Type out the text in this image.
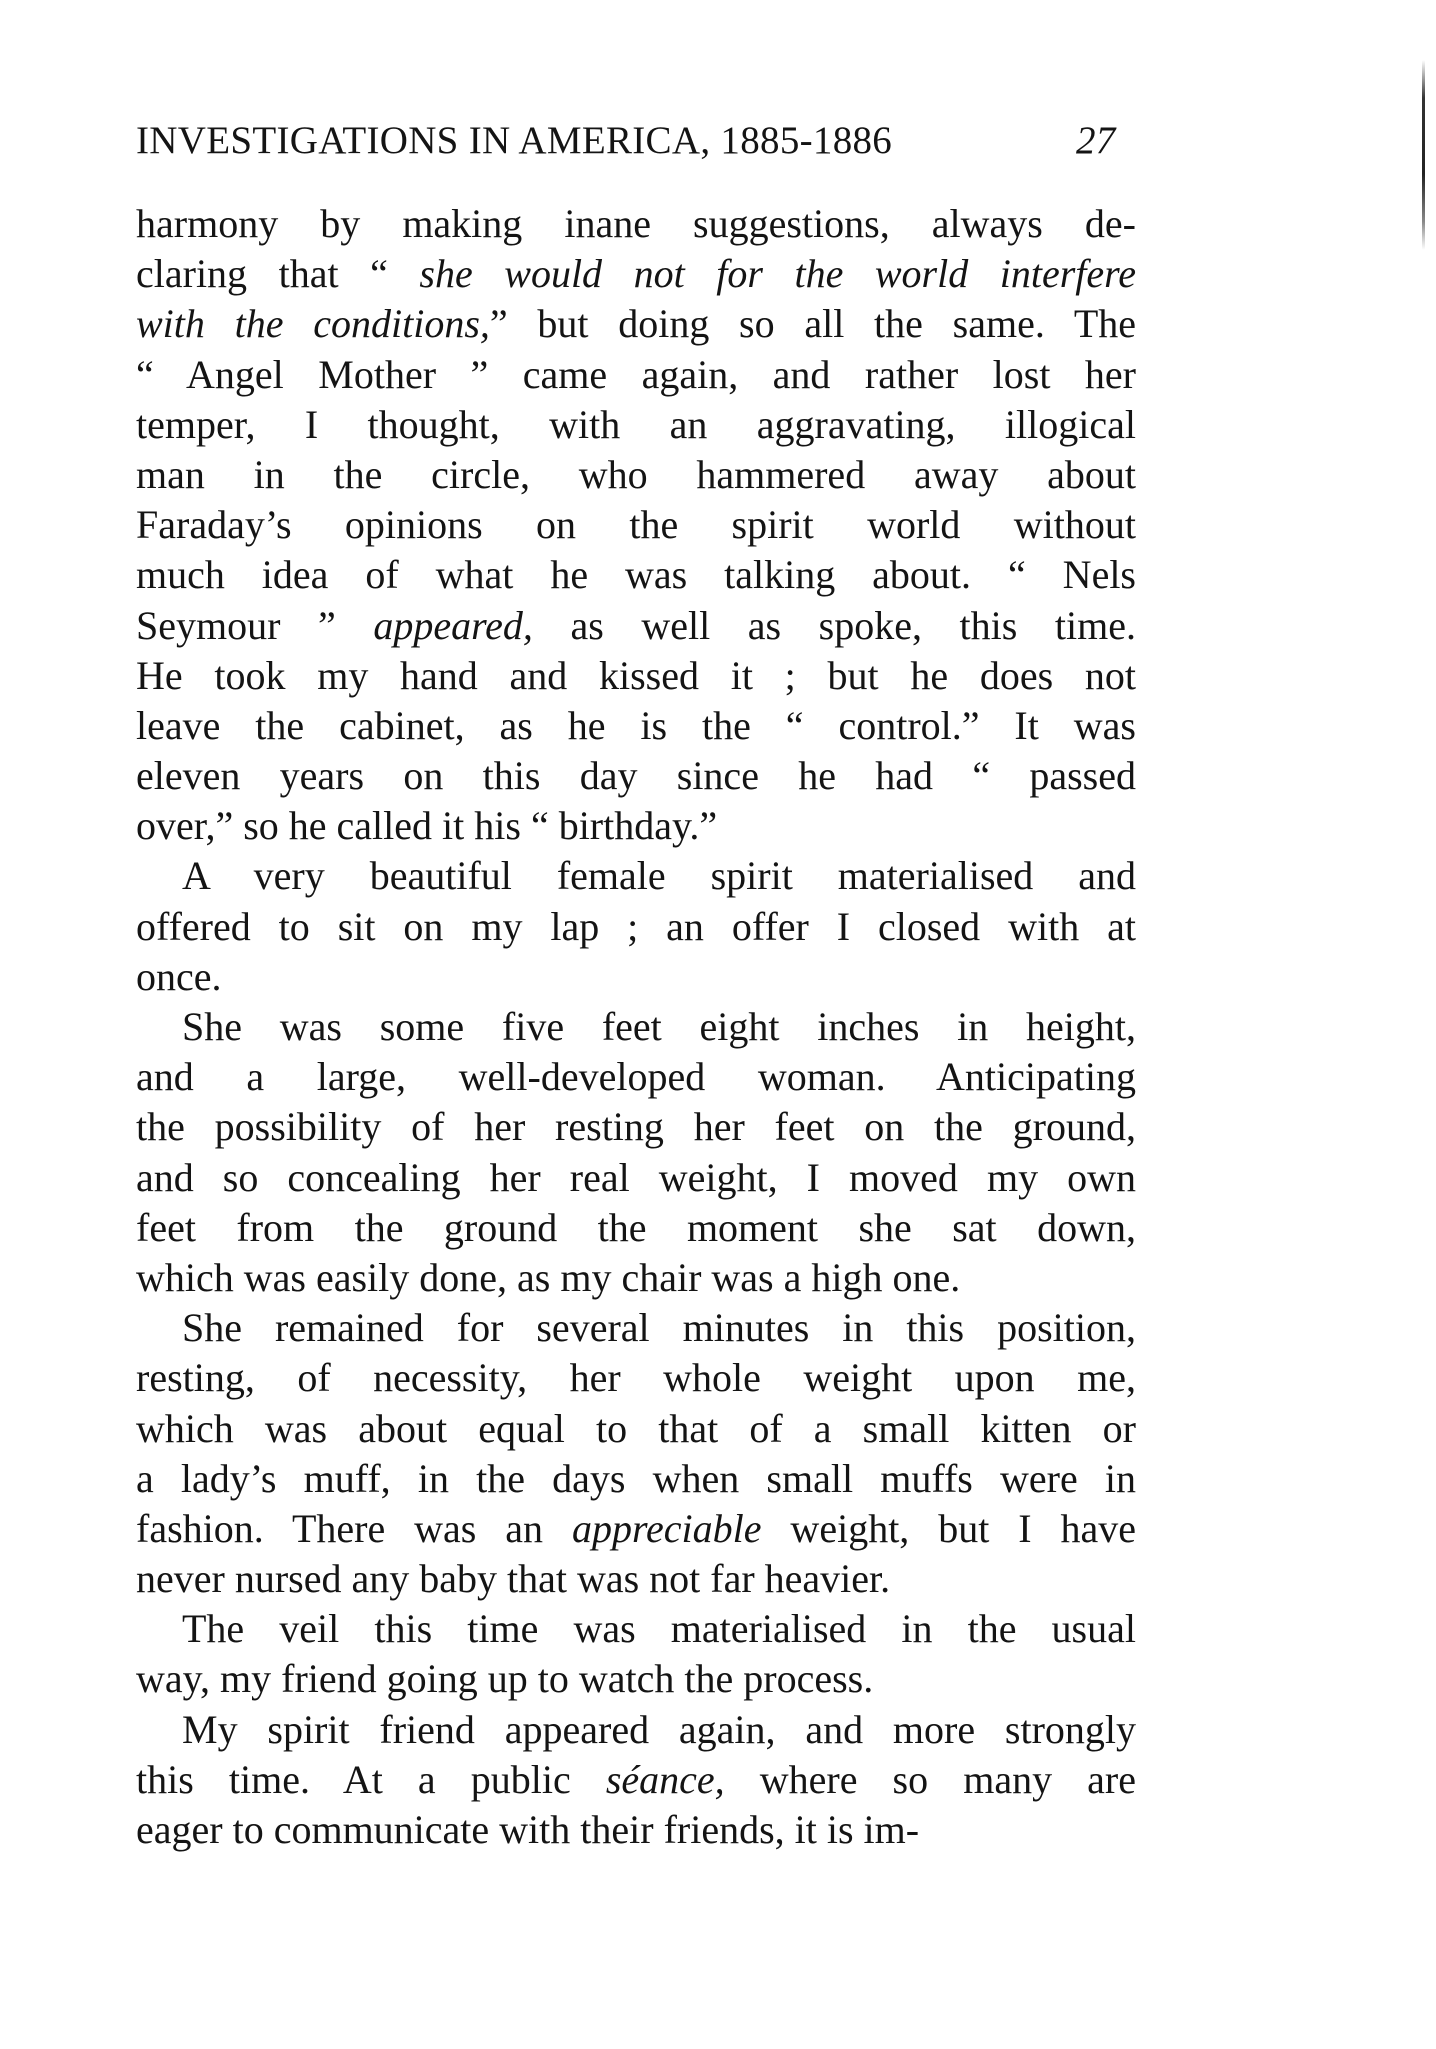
INVESTIGATIONS IN AMERICA, 1885-1886	27
harmony by making inane suggestions, always de-
claring that “ she would not for the world interfere
with the conditions,” but doing so all the same. The
“ Angel Mother ” came again, and rather lost her
temper, I thought, with an aggravating, illogical
man in the circle, who hammered away about
Faraday’s opinions on the spirit world without
much idea of what he was talking about. “ Nels
Seymour ” appeared, as well as spoke, this time.
He took my hand and kissed it ; but he does not
leave the cabinet, as he is the “ control.” It was
eleven years on this day since he had “ passed
over,” so he called it his “ birthday.”
A very beautiful female spirit materialised and
offered to sit on my lap ; an offer I closed with at
once.
She was some five feet eight inches in height,
and a large, well-developed woman. Anticipating
the possibility of her resting her feet on the ground,
and so concealing her real weight, I moved my own
feet from the ground the moment she sat down,
which was easily done, as my chair was a high one.
She remained for several minutes in this position,
resting, of necessity, her whole weight upon me,
which was about equal to that of a small kitten or
a lady’s muff, in the days when small muffs were in
fashion. There was an appreciable weight, but I have
never nursed any baby that was not far heavier.
The veil this time was materialised in the usual
way, my friend going up to watch the process.
My spirit friend appeared again, and more strongly
this time. At a public séance, where so many are
eager to communicate with their friends, it is im-
